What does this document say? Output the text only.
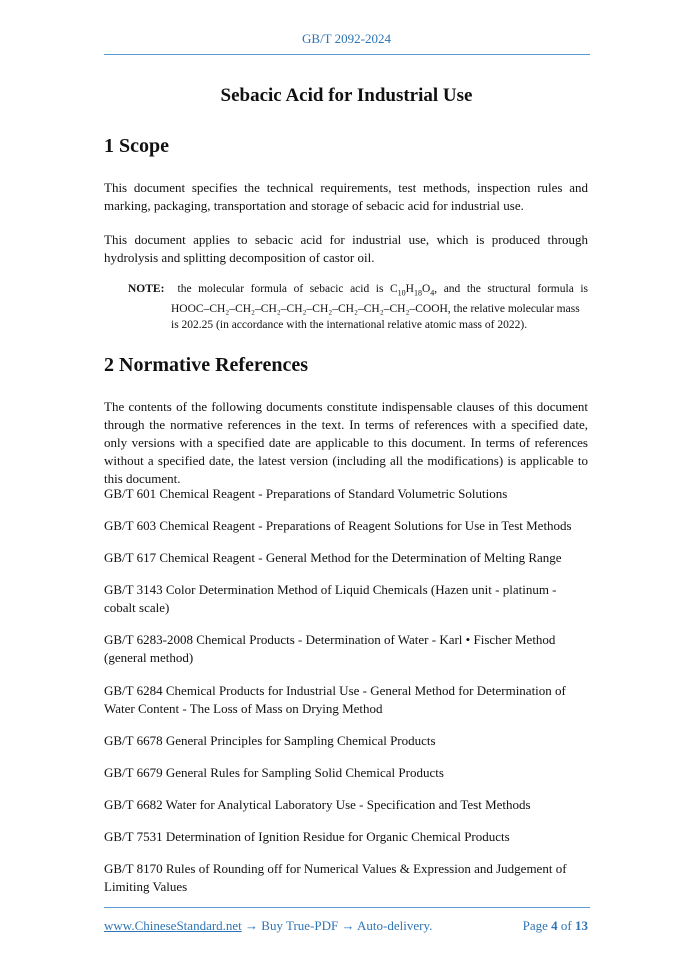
GB/T 2092-2024
Sebacic Acid for Industrial Use
1 Scope
This document specifies the technical requirements, test methods, inspection rules and marking, packaging, transportation and storage of sebacic acid for industrial use.
This document applies to sebacic acid for industrial use, which is produced through hydrolysis and splitting decomposition of castor oil.
NOTE: the molecular formula of sebacic acid is $C_{10}H_{18}O_4$, and the structural formula is
HOOC–CH₂–CH₂–CH₂–CH₂–CH₂–CH₂–CH₂–CH₂–COOH, the relative molecular mass is 202.25 (in accordance with the international relative atomic mass of 2022).
2 Normative References
The contents of the following documents constitute indispensable clauses of this document through the normative references in the text. In terms of references with a specified date, only versions with a specified date are applicable to this document. In terms of references without a specified date, the latest version (including all the modifications) is applicable to this document.
GB/T 601 Chemical Reagent - Preparations of Standard Volumetric Solutions
GB/T 603 Chemical Reagent - Preparations of Reagent Solutions for Use in Test Methods
GB/T 617 Chemical Reagent - General Method for the Determination of Melting Range
GB/T 3143 Color Determination Method of Liquid Chemicals (Hazen unit - platinum - cobalt scale)
GB/T 6283-2008 Chemical Products - Determination of Water - Karl • Fischer Method (general method)
GB/T 6284 Chemical Products for Industrial Use - General Method for Determination of Water Content - The Loss of Mass on Drying Method
GB/T 6678 General Principles for Sampling Chemical Products
GB/T 6679 General Rules for Sampling Solid Chemical Products
GB/T 6682 Water for Analytical Laboratory Use - Specification and Test Methods
GB/T 7531 Determination of Ignition Residue for Organic Chemical Products
GB/T 8170 Rules of Rounding off for Numerical Values & Expression and Judgement of Limiting Values
www.ChineseStandard.net → Buy True-PDF → Auto-delivery.	Page 4 of 13
